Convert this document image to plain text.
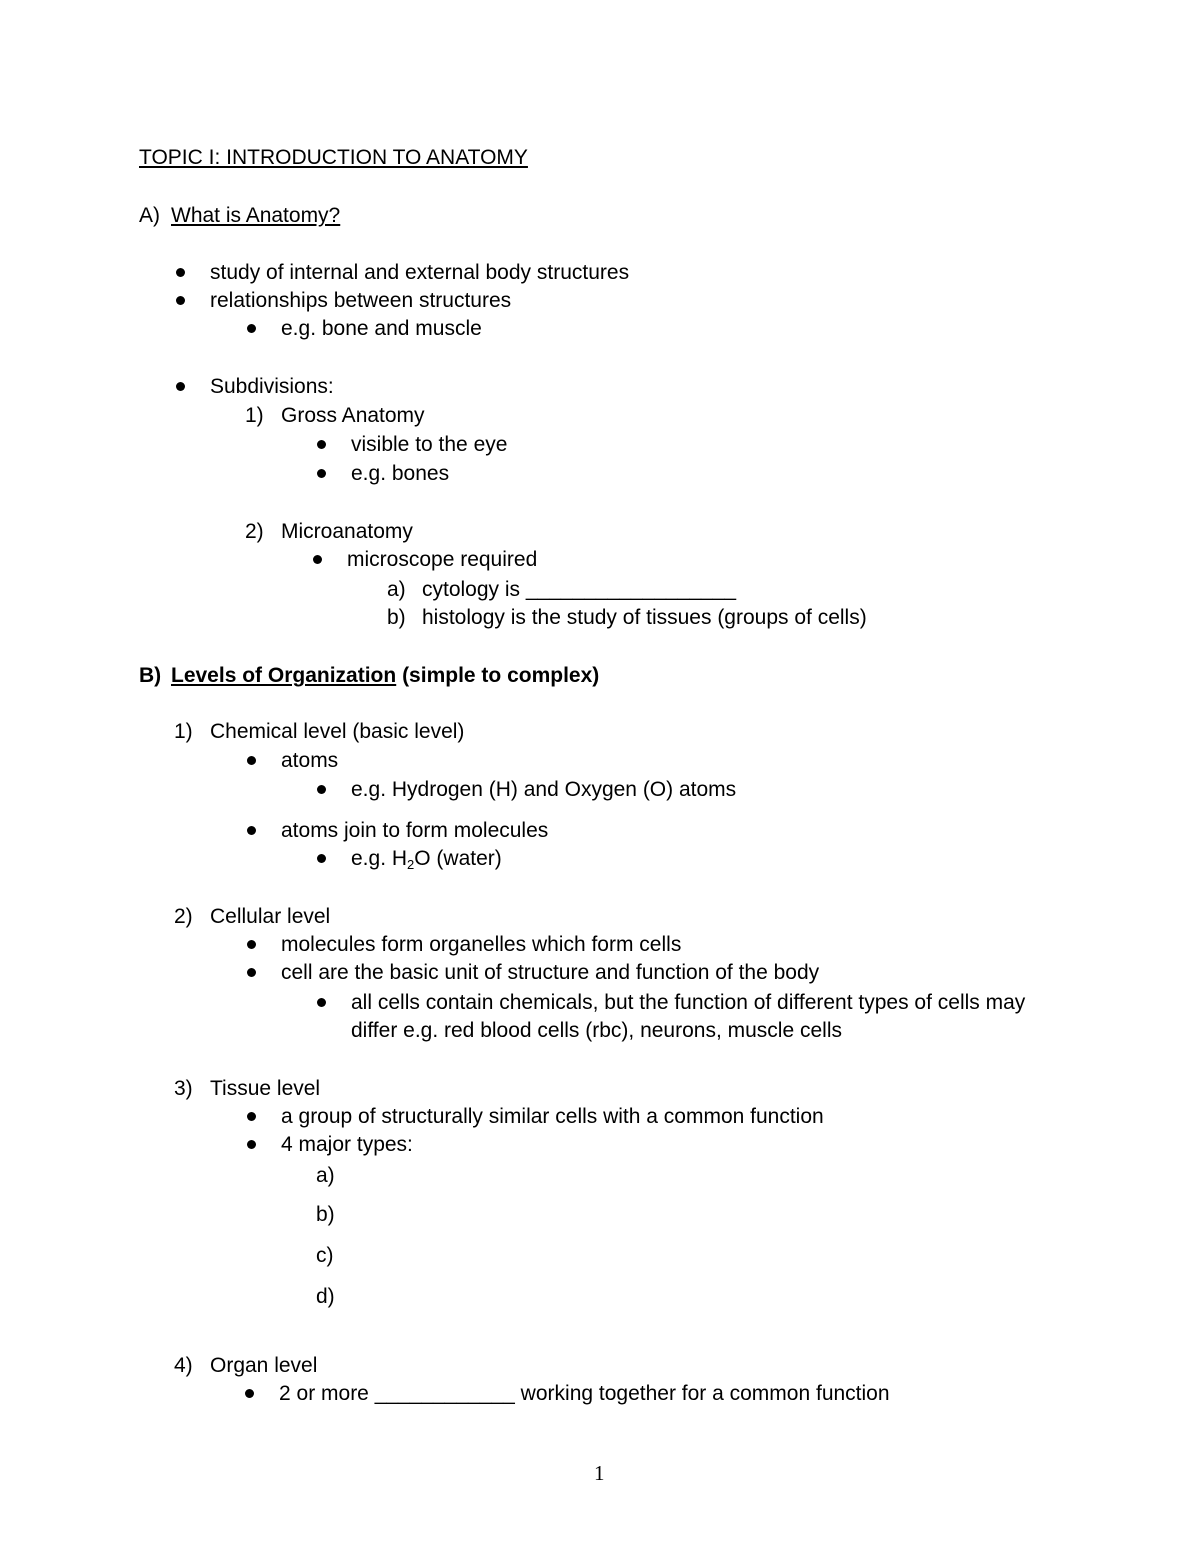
TOPIC I: INTRODUCTION TO ANATOMY
A) What is Anatomy?
study of internal and external body structures
relationships between structures
e.g. bone and muscle
Subdivisions:
1) Gross Anatomy
visible to the eye
e.g. bones
2) Microanatomy
microscope required
a) cytology is __________________
b) histology is the study of tissues (groups of cells)
B) Levels of Organization (simple to complex)
1) Chemical level (basic level)
atoms
e.g. Hydrogen (H) and Oxygen (O) atoms
atoms join to form molecules
e.g. $H_2O$ (water)
2) Cellular level
molecules form organelles which form cells
cell are the basic unit of structure and function of the body
all cells contain chemicals, but the function of different types of cells may
differ e.g. red blood cells (rbc), neurons, muscle cells
3) Tissue level
a group of structurally similar cells with a common function
4 major types:
a)
b)
c)
d)
4) Organ level
2 or more ____________ working together for a common function
1
